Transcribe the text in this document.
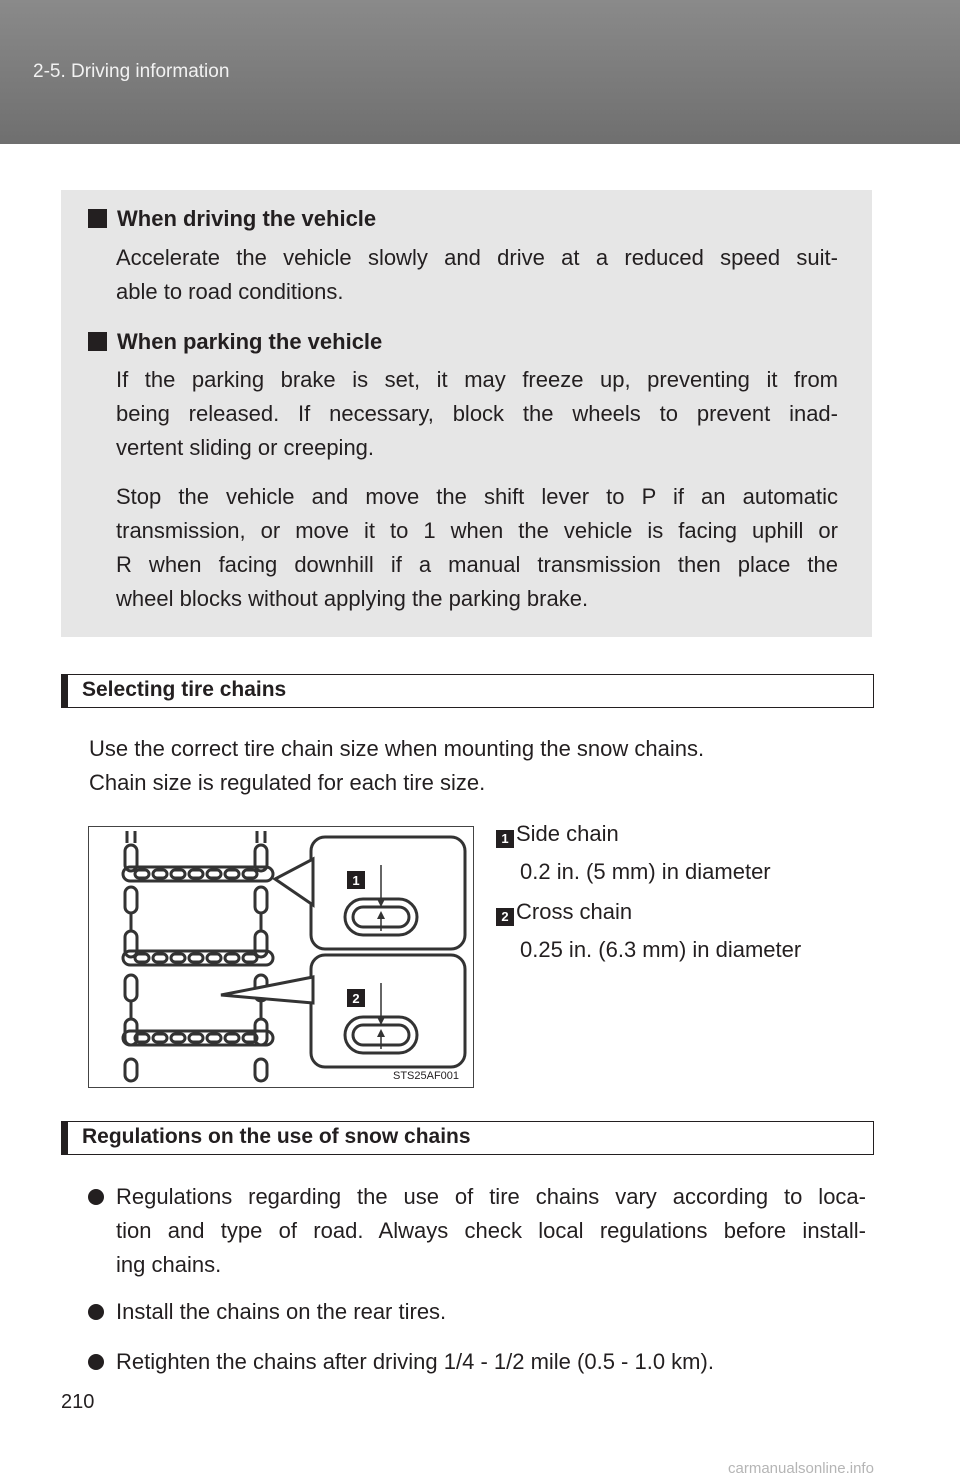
2-5. Driving information
When driving the vehicle
Accelerate the vehicle slowly and drive at a reduced speed suit-
able to road conditions.
When parking the vehicle
If the parking brake is set, it may freeze up, preventing it from
being released. If necessary, block the wheels to prevent inad-
vertent sliding or creeping.
Stop the vehicle and move the shift lever to P if an automatic
transmission, or move it to 1 when the vehicle is facing uphill or
R when facing downhill if a manual transmission then place the
wheel blocks without applying the parking brake.
Selecting tire chains
Use the correct tire chain size when mounting the snow chains.
Chain size is regulated for each tire size.
1
2
STS25AF001
1 Side chain
0.2 in. (5 mm) in diameter
2 Cross chain
0.25 in. (6.3 mm) in diameter
Regulations on the use of snow chains
Regulations regarding the use of tire chains vary according to loca-
tion and type of road. Always check local regulations before install-
ing chains.
Install the chains on the rear tires.
Retighten the chains after driving 1/4 - 1/2 mile (0.5 - 1.0 km).
210
carmanualsonline.info
